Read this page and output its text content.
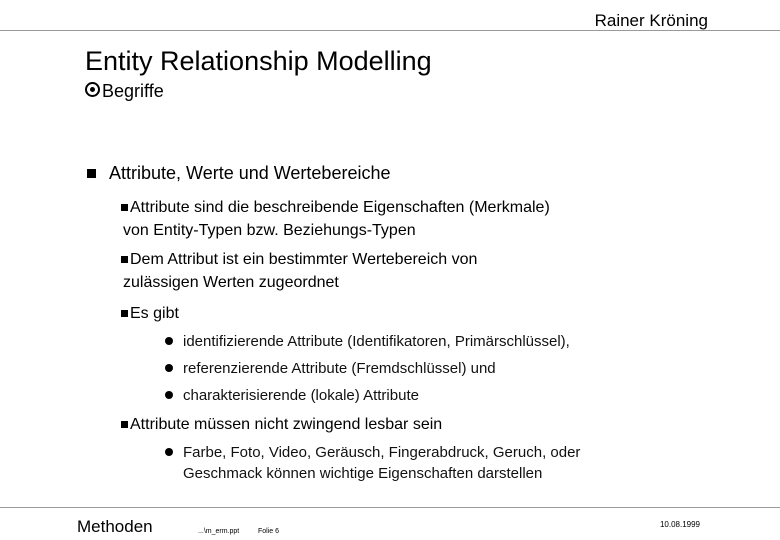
Rainer Kröning
Entity Relationship Modelling
Begriffe
Attribute, Werte und Wertebereiche
Attribute sind die beschreibende Eigenschaften (Merkmale)
von Entity-Typen bzw. Beziehungs-Typen
Dem Attribut ist ein bestimmter Wertebereich von
zulässigen Werten zugeordnet
Es gibt
identifizierende Attribute (Identifikatoren, Primärschlüssel),
referenzierende Attribute (Fremdschlüssel) und
charakterisierende (lokale) Attribute
Attribute müssen nicht zwingend lesbar sein
Farbe, Foto, Video, Geräusch, Fingerabdruck, Geruch, oder
Geschmack können wichtige Eigenschaften darstellen
Methoden	...\m_erm.ppt	Folie 6
10.08.1999
